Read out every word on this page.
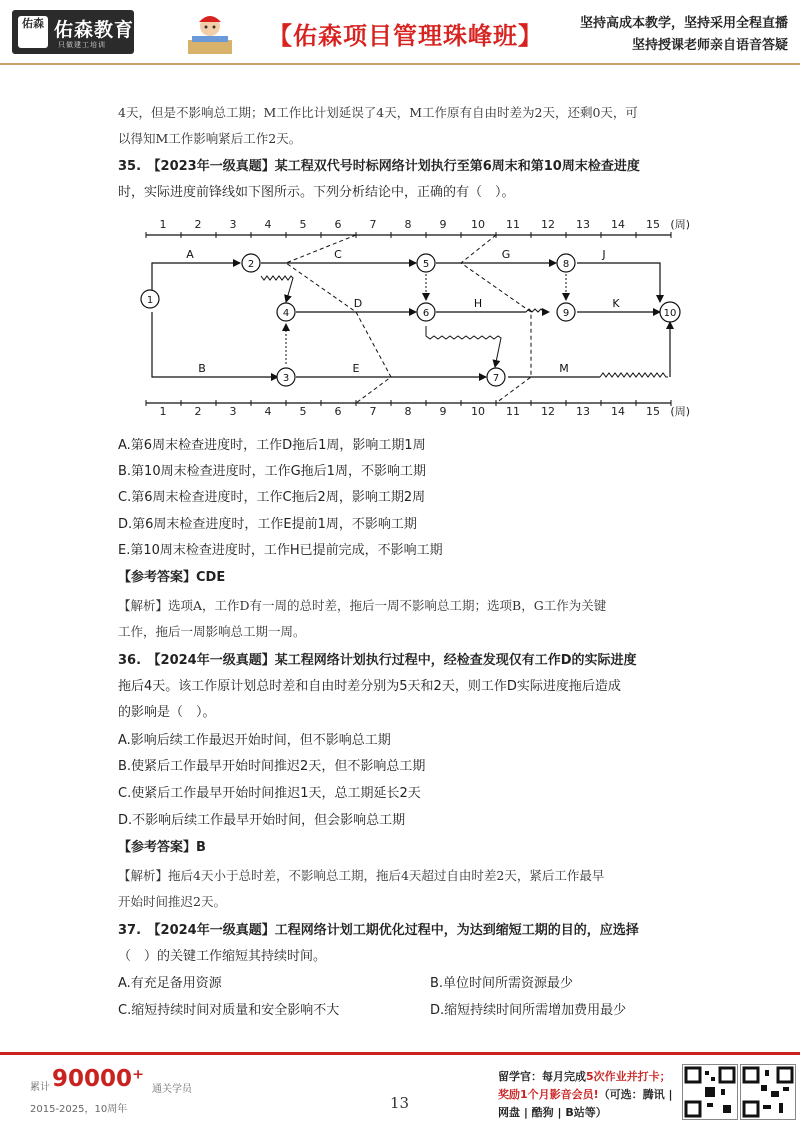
佑森 佑森教育
只做建工培训	【佑森项目管理珠峰班】	坚持高成本教学，坚持采用全程直播
坚持授课老师亲自语音答疑
4天，但是不影响总工期；M工作比计划延误了4天，M工作原有自由时差为2天，还剩0天，可
以得知M工作影响紧后工作2天。
35.　【2023年一级真题】某工程双代号时标网络计划执行至第6周末和第10周末检查进度
时，实际进度前锋线如下图所示。下列分析结论中，正确的有（　）。
A.第6周末检查进度时，工作D拖后1周，影响工期1周
B.第10周末检查进度时，工作G拖后1周，不影响工期
C.第6周末检查进度时，工作C拖后2周，影响工期2周
D.第6周末检查进度时，工作E提前1周，不影响工期
E.第10周末检查进度时，工作H已提前完成，不影响工期
【参考答案】CDE
【解析】选项A，工作D有一周的总时差，拖后一周不影响总工期；选项B，G工作为关键
工作，拖后一周影响总工期一周。
36.　【2024年一级真题】某工程网络计划执行过程中，经检查发现仅有工作D的实际进度
拖后4天。该工作原计划总时差和自由时差分别为5天和2天，则工作D实际进度拖后造成
的影响是（　）。
A.影响后续工作最迟开始时间，但不影响总工期
B.使紧后工作最早开始时间推迟2天，但不影响总工期
C.使紧后工作最早开始时间推迟1天，总工期延长2天
D.不影响后续工作最早开始时间，但会影响总工期
【参考答案】B
【解析】拖后4天小于总时差，不影响总工期，拖后4天超过自由时差2天，紧后工作最早
开始时间推迟2天。
37.　【2024年一级真题】工程网络计划工期优化过程中，为达到缩短工期的目的，应选择
（　）的关键工作缩短其持续时间。
A.有充足备用资源	B.单位时间所需资源最少
C.缩短持续时间对质量和安全影响不大	D.缩短持续时间所需增加费用最少
1	2	3	4	5	6	7	8	9 10 11 12 13 14 15 (周)
1	2	3	4	5	6	7	8	9 10 11 12 13 14 15 (周)
1
2
3
4
5
6
7
8
9	10
A
B
C
D
E
G
H
J
K
M
累计 90000⁺ 通关学员
2015-2025，10周年	13
留学官：每月完成5次作业并打卡；
奖励1个月影音会员!（可选：腾讯 |
网盘 | 酷狗 | B站等）
